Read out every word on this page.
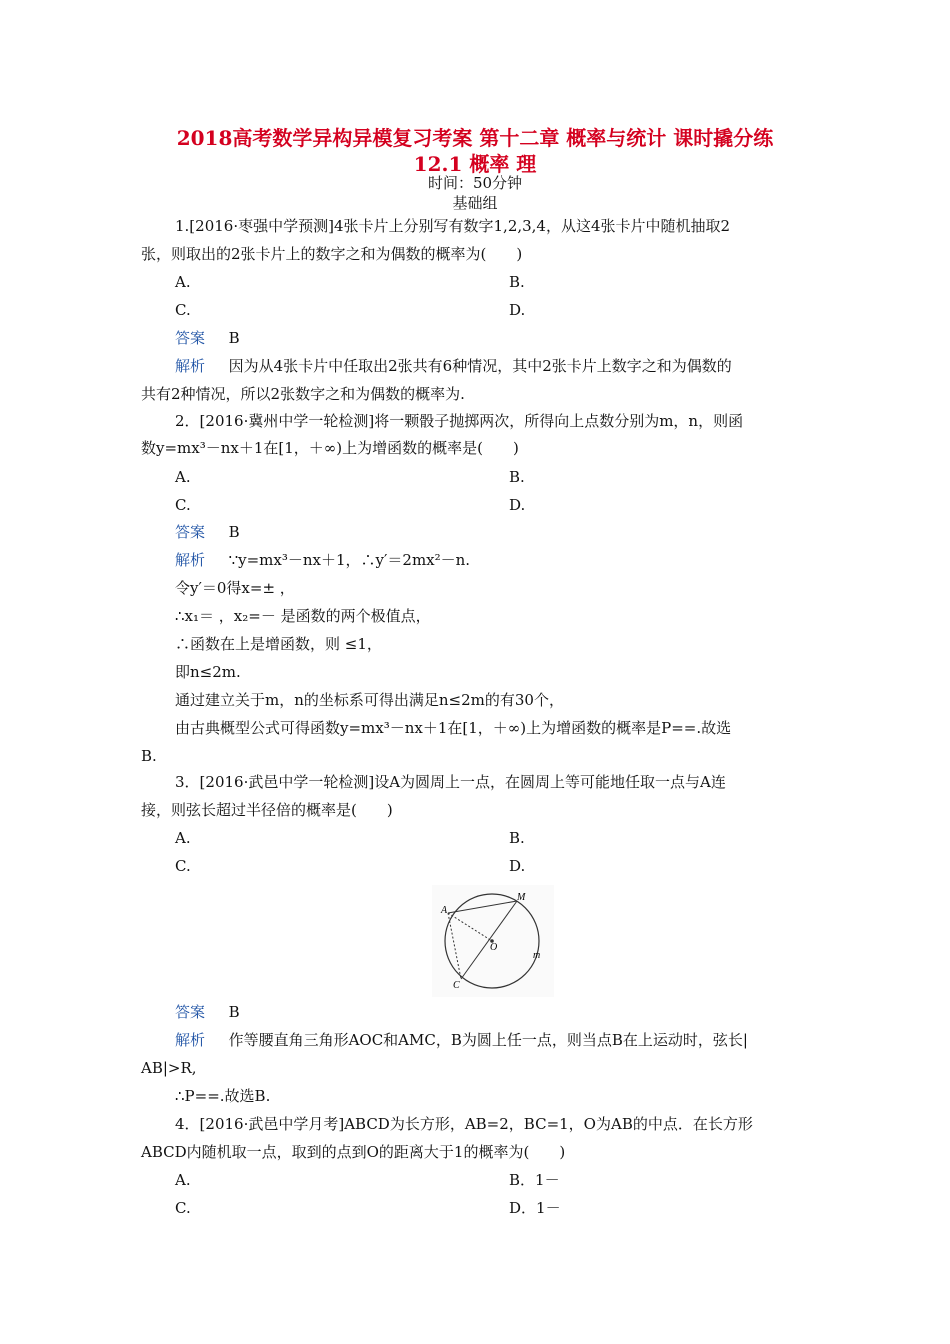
2018高考数学异构异模复习考案 第十二章 概率与统计 课时撬分练
12.1 概率 理
时间：50分钟
基础组
1.[2016·枣强中学预测]4张卡片上分别写有数字1,2,3,4，从这4张卡片中随机抽取2
张，则取出的2张卡片上的数字之和为偶数的概率为(　　)
A.	B.
C.	D.
答案 B
解析 因为从4张卡片中任取出2张共有6种情况，其中2张卡片上数字之和为偶数的
共有2种情况，所以2张数字之和为偶数的概率为.
2．[2016·冀州中学一轮检测]将一颗骰子抛掷两次，所得向上点数分别为m，n，则函
数y=mx³－nx＋1在[1，＋∞)上为增函数的概率是(　　)
A.	B.
C.	D.
答案 B
解析 ∵y=mx³－nx＋1，∴y′＝2mx²－n.
令y′＝0得x=± ，
∴x₁＝ ，x₂=－ 是函数的两个极值点，
∴函数在上是增函数，则 ≤1，
即n≤2m.
通过建立关于m，n的坐标系可得出满足n≤2m的有30个，
由古典概型公式可得函数y=mx³－nx＋1在[1，＋∞)上为增函数的概率是P==.故选
B.
3．[2016·武邑中学一轮检测]设A为圆周上一点，在圆周上等可能地任取一点与A连
接，则弦长超过半径倍的概率是(　　)
A.	B.
C.	D.
A
M
O
C
m
答案 B
解析 作等腰直角三角形AOC和AMC，B为圆上任一点，则当点B在上运动时，弦长|
AB|>R,
∴P==.故选B.
4．[2016·武邑中学月考]ABCD为长方形，AB=2，BC=1，O为AB的中点．在长方形
ABCD内随机取一点，取到的点到O的距离大于1的概率为(　　)
A.	B．1－
C.	D．1－
